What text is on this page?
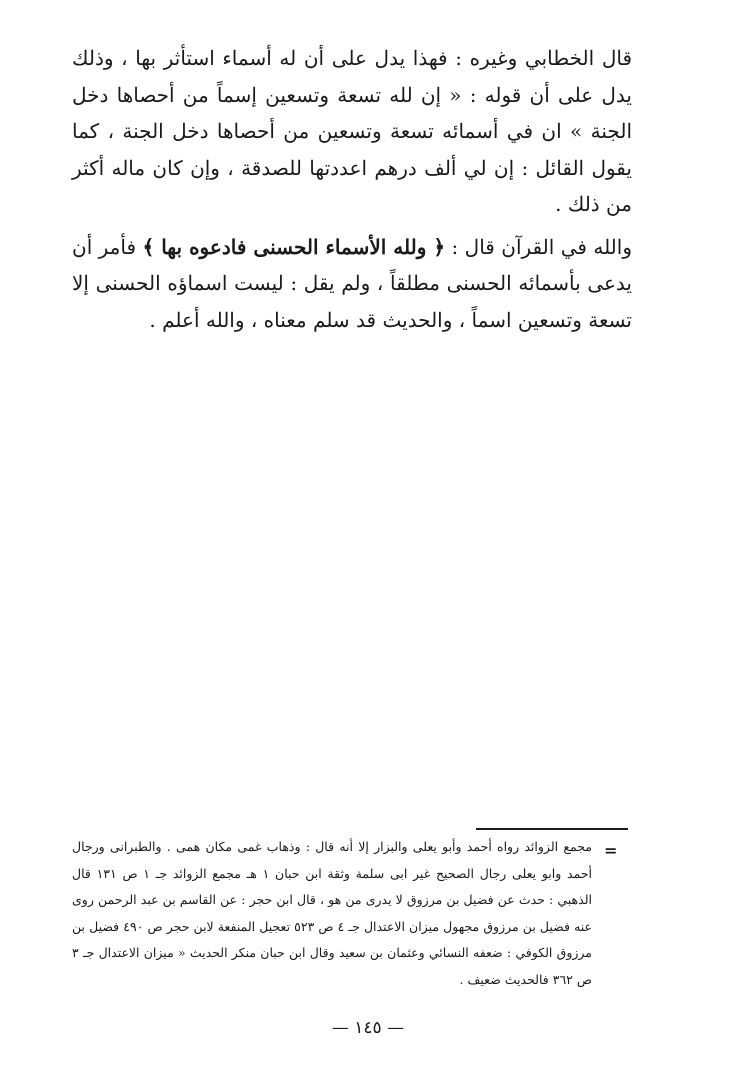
قال الخطابي وغيره : فهذا يدل على أن له أسماء استأثر بها ، وذلك يدل على أن قوله : « إن لله تسعة وتسعين إسماً من أحصاها دخل الجنة » ان في أسمائه تسعة وتسعين من أحصاها دخل الجنة ، كما يقول القائل : إن لي ألف درهم اعددتها للصدقة ، وإن كان ماله أكثر من ذلك .

والله في القرآن قال : ﴿ ولله الأسماء الحسنى فادعوه بها ﴾ فأمر أن يدعى بأسمائه الحسنى مطلقاً ، ولم يقل : ليست اسماؤه الحسنى إلا تسعة وتسعين اسماً ، والحديث قد سلم معناه ، والله أعلم .

=

مجمع الزوائد رواه أحمد وأبو يعلى والبزار إلا أنه قال : وذهاب غمى مكان همى . والطبرانى ورجال أحمد وابو يعلى رجال الصحيح غير ابى سلمة وثقة ابن حبان ١ هـ مجمع الزوائد جـ ١ ص ١٣١ قال الذهبي : حدث عن فضيل بن مرزوق لا يدرى من هو ، قال ابن حجر : عن القاسم بن عبد الرحمن روى عنه فضيل بن مرزوق مجهول ميزان الاعتدال جـ ٤ ص ٥٢٣ تعجيل المنفعة لابن حجر ص ٤٩٠ فضيل بن مرزوق الكوفي : ضعفه النسائي وعثمان بن سعيد وقال ابن حبان منكر الحديث « ميزان الاعتدال جـ ٣ ص ٣٦٢ فالحديث ضعيف .

— ١٤٥ —
